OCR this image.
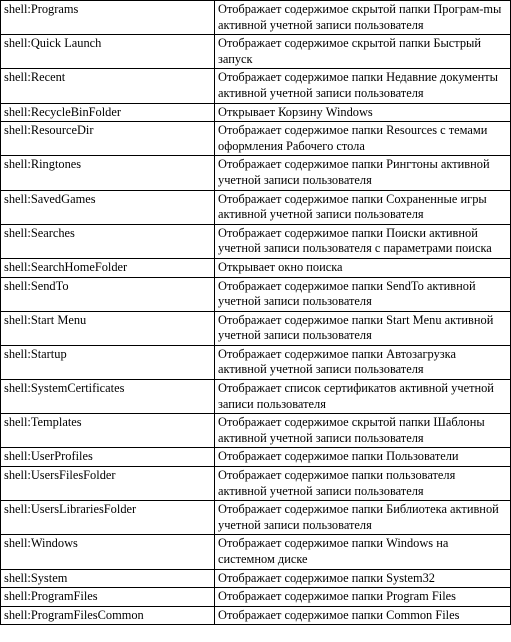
shell:Programs	Отображает содержимое скрытой папки Програм-mы активной учетной записи пользователя
shell:Quick Launch	Отображает содержимое скрытой папки Быстрый запуск
shell:Recent	Отображает содержимое папки Недавние документы активной учетной записи пользователя
shell:RecycleBinFolder	Открывает Корзину Windows
shell:ResourceDir	Отображает содержимое папки Resources с темами оформления Рабочего стола
shell:Ringtones	Отображает содержимое папки Рингтоны активной учетной записи пользователя
shell:SavedGames	Отображает содержимое папки Сохраненные игры активной учетной записи пользователя
shell:Searches	Отображает содержимое папки Поиски активной учетной записи пользователя с параметрами поиска
shell:SearchHomeFolder	Открывает окно поиска
shell:SendTo	Отображает содержимое папки SendTo активной учетной записи пользователя
shell:Start Menu	Отображает содержимое папки Start Menu активной учетной записи пользователя
shell:Startup	Отображает содержимое папки Автозагрузка активной учетной записи пользователя
shell:SystemCertificates	Отображает список сертификатов активной учетной записи пользователя
shell:Templates	Отображает содержимое скрытой папки Шаблоны активной учетной записи пользователя
shell:UserProfiles	Отображает содержимое папки Пользователи
shell:UsersFilesFolder	Отображает содержимое папки пользователя активной учетной записи пользователя
shell:UsersLibrariesFolder	Отображает содержимое папки Библиотека активной учетной записи пользователя
shell:Windows	Отображает содержимое папки Windows на системном диске
shell:System	Отображает содержимое папки System32
shell:ProgramFiles	Отображает содержимое папки Program Files
shell:ProgramFilesCommon	Отображает содержимое папки Common Files
